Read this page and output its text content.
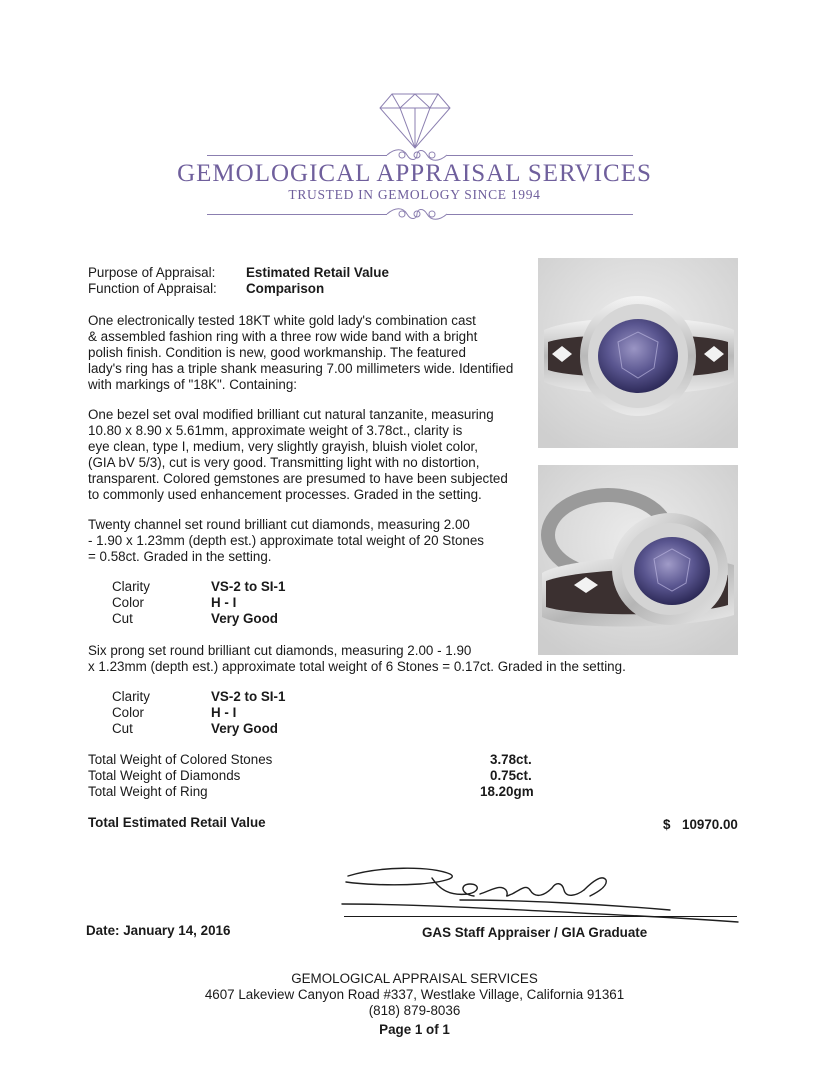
GEMOLOGICAL APPRAISAL SERVICES
TRUSTED IN GEMOLOGY SINCE 1994
Purpose of Appraisal: Estimated Retail Value
Function of Appraisal: Comparison
One electronically tested 18KT white gold lady's combination cast
& assembled fashion ring with a three row wide band with a bright
polish finish. Condition is new, good workmanship. The featured
lady's ring has a triple shank measuring 7.00 millimeters wide. Identified
with markings of "18K". Containing:
One bezel set oval modified brilliant cut natural tanzanite, measuring
10.80 x 8.90 x 5.61mm, approximate weight of 3.78ct., clarity is
eye clean, type I, medium, very slightly grayish, bluish violet color,
(GIA bV 5/3), cut is very good. Transmitting light with no distortion,
transparent. Colored gemstones are presumed to have been subjected
to commonly used enhancement processes. Graded in the setting.
Twenty channel set round brilliant cut diamonds, measuring 2.00
- 1.90 x 1.23mm (depth est.) approximate total weight of 20 Stones
= 0.58ct. Graded in the setting.
Clarity	VS-2 to SI-1
Color	H - I
Cut	Very Good
Six prong set round brilliant cut diamonds, measuring 2.00 - 1.90
x 1.23mm (depth est.) approximate total weight of 6 Stones = 0.17ct. Graded in the setting.
Clarity	VS-2 to SI-1
Color	H - I
Cut	Very Good
Total Weight of Colored Stones	3.78ct.
Total Weight of Diamonds	0.75ct.
Total Weight of Ring	18.20gm
Total Estimated Retail Value	$ 10970.00
Date: January 14, 2016	GAS Staff Appraiser / GIA Graduate
GEMOLOGICAL APPRAISAL SERVICES
4607 Lakeview Canyon Road #337, Westlake Village, California 91361
(818) 879-8036
Page 1 of 1
